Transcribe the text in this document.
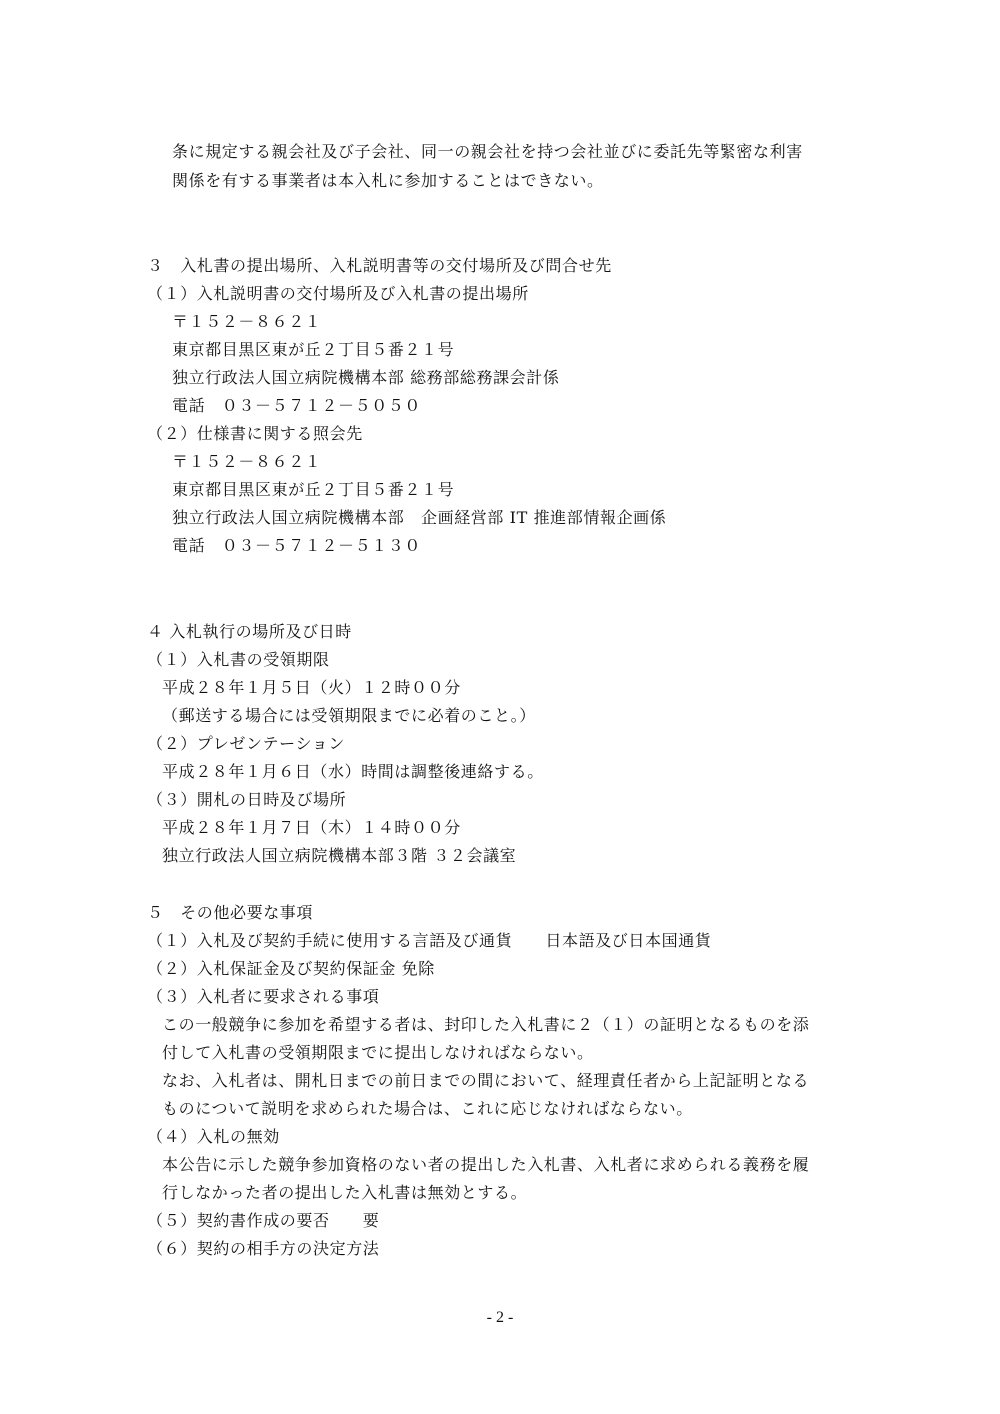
条に規定する親会社及び子会社、同一の親会社を持つ会社並びに委託先等緊密な利害
関係を有する事業者は本入札に参加することはできない。
３　入札書の提出場所、入札説明書等の交付場所及び問合せ先
（１）入札説明書の交付場所及び入札書の提出場所
〒１５２－８６２１
東京都目黒区東が丘２丁目５番２１号
独立行政法人国立病院機構本部 総務部総務課会計係
電話　０３－５７１２－５０５０
（２）仕様書に関する照会先
〒１５２－８６２１
東京都目黒区東が丘２丁目５番２１号
独立行政法人国立病院機構本部　企画経営部 IT 推進部情報企画係
電話　０３－５７１２－５１３０
４ 入札執行の場所及び日時
（１）入札書の受領期限
平成２８年１月５日（火）１２時００分
（郵送する場合には受領期限までに必着のこと。）
（２）プレゼンテーション
平成２８年１月６日（水）時間は調整後連絡する。
（３）開札の日時及び場所
平成２８年１月７日（木）１４時００分
独立行政法人国立病院機構本部３階 ３２会議室
５　その他必要な事項
（１）入札及び契約手続に使用する言語及び通貨　　日本語及び日本国通貨
（２）入札保証金及び契約保証金 免除
（３）入札者に要求される事項
この一般競争に参加を希望する者は、封印した入札書に２（１）の証明となるものを添
付して入札書の受領期限までに提出しなければならない。
なお、入札者は、開札日までの前日までの間において、経理責任者から上記証明となる
ものについて説明を求められた場合は、これに応じなければならない。
（４）入札の無効
本公告に示した競争参加資格のない者の提出した入札書、入札者に求められる義務を履
行しなかった者の提出した入札書は無効とする。
（５）契約書作成の要否　　要
（６）契約の相手方の決定方法
- 2 -
